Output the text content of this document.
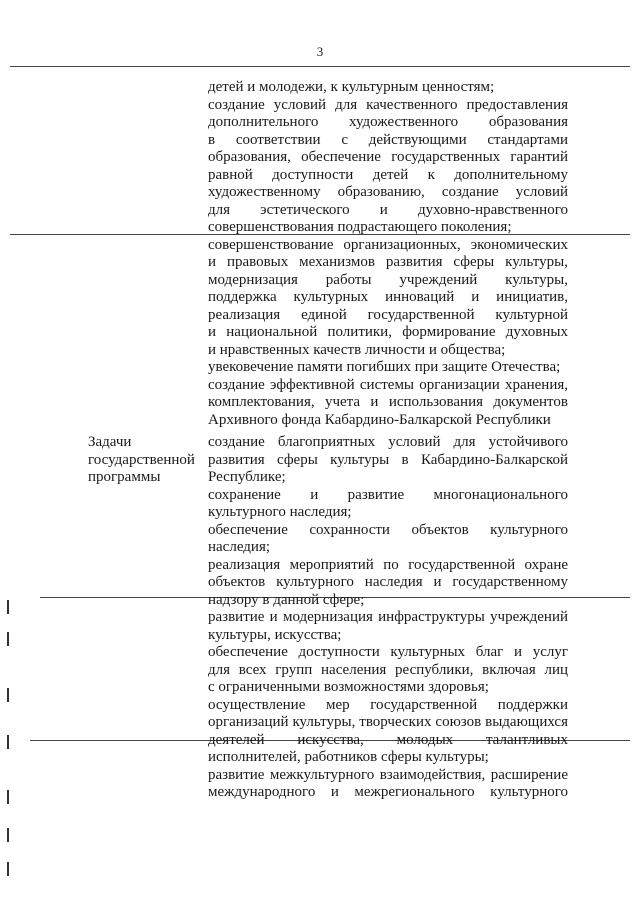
3
детей и молодежи, к культурным ценностям;
создание условий для качественного предоставления
дополнительного художественного образования
в соответствии с действующими стандартами
образования, обеспечение государственных гарантий
равной доступности детей к дополнительному
художественному образованию, создание условий
для эстетического и духовно-нравственного
совершенствования подрастающего поколения;
совершенствование организационных, экономических
и правовых механизмов развития сферы культуры,
модернизация работы учреждений культуры,
поддержка культурных инноваций и инициатив,
реализация единой государственной культурной
и национальной политики, формирование духовных
и нравственных качеств личности и общества;
увековечение памяти погибших при защите Отечества;
создание эффективной системы организации хранения,
комплектования, учета и использования документов
Архивного фонда Кабардино-Балкарской Республики
Задачи
государственной
программы
создание благоприятных условий для устойчивого
развития сферы культуры в Кабардино-Балкарской
Республике;
сохранение и развитие многонационального
культурного наследия;
обеспечение сохранности объектов культурного
наследия;
реализация мероприятий по государственной охране
объектов культурного наследия и государственному
надзору в данной сфере;
развитие и модернизация инфраструктуры учреждений
культуры, искусства;
обеспечение доступности культурных благ и услуг
для всех групп населения республики, включая лиц
с ограниченными возможностями здоровья;
осуществление мер государственной поддержки
организаций культуры, творческих союзов выдающихся
деятелей искусства, молодых талантливых
исполнителей, работников сферы культуры;
развитие межкультурного взаимодействия, расширение
международного и межрегионального культурного
